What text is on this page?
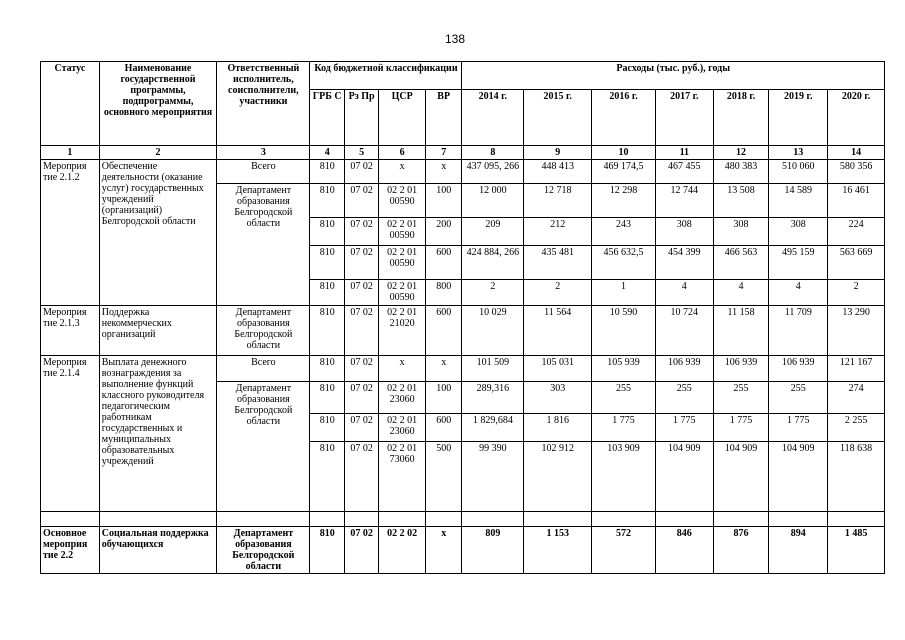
138
Статус	Наименование государственной программы, подпрограммы, основного мероприятия	Ответственный исполнитель, соисполнители, участники	Код бюджетной классификации				Расходы (тыс. руб.), годы						
			ГРБ С	Рз Пр	ЦСР	ВР	2014 г.	2015 г.	2016 г.	2017 г.	2018 г.	2019 г.	2020 г.
1	2	3	4	5	6	7	8	9	10	11	12	13	14
Мероприя тие 2.1.2	Обеспечение деятельности (оказание услуг) государственных учреждений (организаций) Белгородской области	Всего	810	07 02	х	х	437 095, 266	448 413	469 174,5	467 455	480 383	510 060	580 356
		Департамент образования Белгородской области	810	07 02	02 2 01 00590	100	12 000	12 718	12 298	12 744	13 508	14 589	16 461
			810	07 02	02 2 01 00590	200	209	212	243	308	308	308	224
			810	07 02	02 2 01 00590	600	424 884, 266	435 481	456 632,5	454 399	466 563	495 159	563 669
			810	07 02	02 2 01 00590	800	2	2	1	4	4	4	2
Мероприя тие 2.1.3	Поддержка некоммерческих организаций	Департамент образования Белгородской области	810	07 02	02 2 01 21020	600	10 029	11 564	10 590	10 724	11 158	11 709	13 290
Мероприя тие 2.1.4	Выплата денежного вознаграждения за выполнение функций классного руководителя педагогическим работникам государственных и муниципальных образовательных учреждений	Всего	810	07 02	х	х	101 509	105 031	105 939	106 939	106 939	106 939	121 167
		Департамент образования Белгородской области	810	07 02	02 2 01 23060	100	289,316	303	255	255	255	255	274
			810	07 02	02 2 01 23060	600	1 829,684	1 816	1 775	1 775	1 775	1 775	2 255
			810	07 02	02 2 01 73060	500	99 390	102 912	103 909	104 909	104 909	104 909	118 638

Основное мероприя тие 2.2	Социальная поддержка обучающихся	Департамент образования Белгородской области	810	07 02	02 2 02	х	809	1 153	572	846	876	894	1 485
